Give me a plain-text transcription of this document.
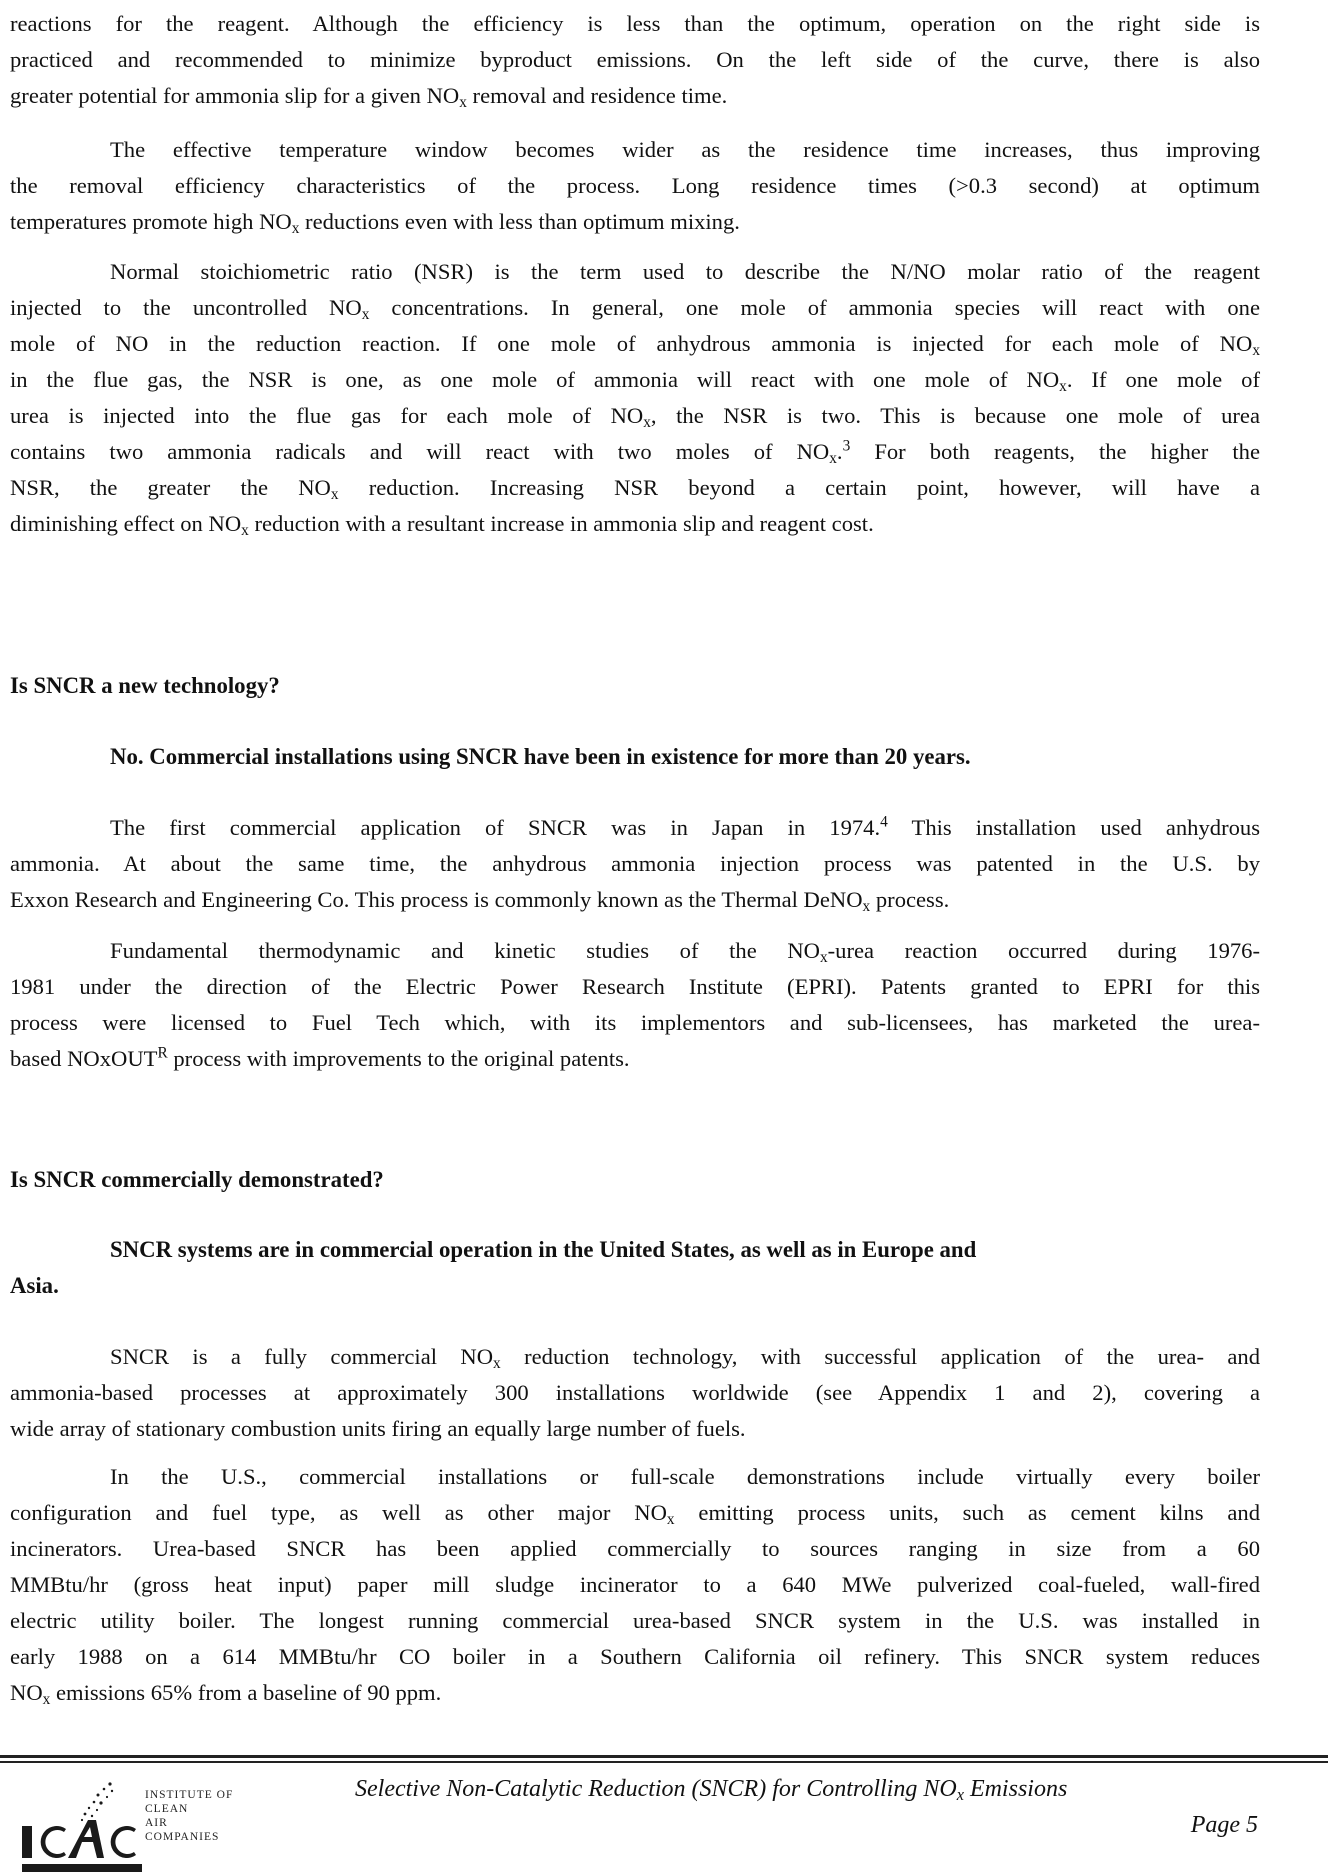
reactions for the reagent. Although the efficiency is less than the optimum, operation on the right side is
practiced and recommended to minimize byproduct emissions. On the left side of the curve, there is also
greater potential for ammonia slip for a given $NO_x$ removal and residence time.
The effective temperature window becomes wider as the residence time increases, thus improving
the removal efficiency characteristics of the process. Long residence times (>0.3 second) at optimum
temperatures promote high $NO_x$ reductions even with less than optimum mixing.
Normal stoichiometric ratio (NSR) is the term used to describe the N/NO molar ratio of the reagent
injected to the uncontrolled $NO_x$ concentrations. In general, one mole of ammonia species will react with one
mole of NO in the reduction reaction. If one mole of anhydrous ammonia is injected for each mole of $NO_x$
in the flue gas, the NSR is one, as one mole of ammonia will react with one mole of $NO_x$. If one mole of
urea is injected into the flue gas for each mole of $NO_x$, the NSR is two. This is because one mole of urea
contains two ammonia radicals and will react with two moles of $NO_x.^3$ For both reagents, the higher the
NSR, the greater the $NO_x$ reduction. Increasing NSR beyond a certain point, however, will have a
diminishing effect on $NO_x$ reduction with a resultant increase in ammonia slip and reagent cost.
Is SNCR a new technology?
No. Commercial installations using SNCR have been in existence for more than 20 years.
The first commercial application of SNCR was in Japan in 1974.$^4$ This installation used anhydrous
ammonia. At about the same time, the anhydrous ammonia injection process was patented in the U.S. by
Exxon Research and Engineering Co. This process is commonly known as the Thermal DeNO$_x$ process.
Fundamental thermodynamic and kinetic studies of the $NO_x$-urea reaction occurred during 1976-
1981 under the direction of the Electric Power Research Institute (EPRI). Patents granted to EPRI for this
process were licensed to Fuel Tech which, with its implementors and sub-licensees, has marketed the urea-
based NOxOUT$^R$ process with improvements to the original patents.
Is SNCR commercially demonstrated?
SNCR systems are in commercial operation in the United States, as well as in Europe and
Asia.
SNCR is a fully commercial $NO_x$ reduction technology, with successful application of the urea- and
ammonia-based processes at approximately 300 installations worldwide (see Appendix 1 and 2), covering a
wide array of stationary combustion units firing an equally large number of fuels.
In the U.S., commercial installations or full-scale demonstrations include virtually every boiler
configuration and fuel type, as well as other major $NO_x$ emitting process units, such as cement kilns and
incinerators. Urea-based SNCR has been applied commercially to sources ranging in size from a 60
MMBtu/hr (gross heat input) paper mill sludge incinerator to a 640 MWe pulverized coal-fueled, wall-fired
electric utility boiler. The longest running commercial urea-based SNCR system in the U.S. was installed in
early 1988 on a 614 MMBtu/hr CO boiler in a Southern California oil refinery. This SNCR system reduces
$NO_x$ emissions 65% from a baseline of 90 ppm.
INSTITUTE OF
CLEAN
AIR
COMPANIES
Selective Non-Catalytic Reduction (SNCR) for Controlling $NO_x$ Emissions
Page 5
